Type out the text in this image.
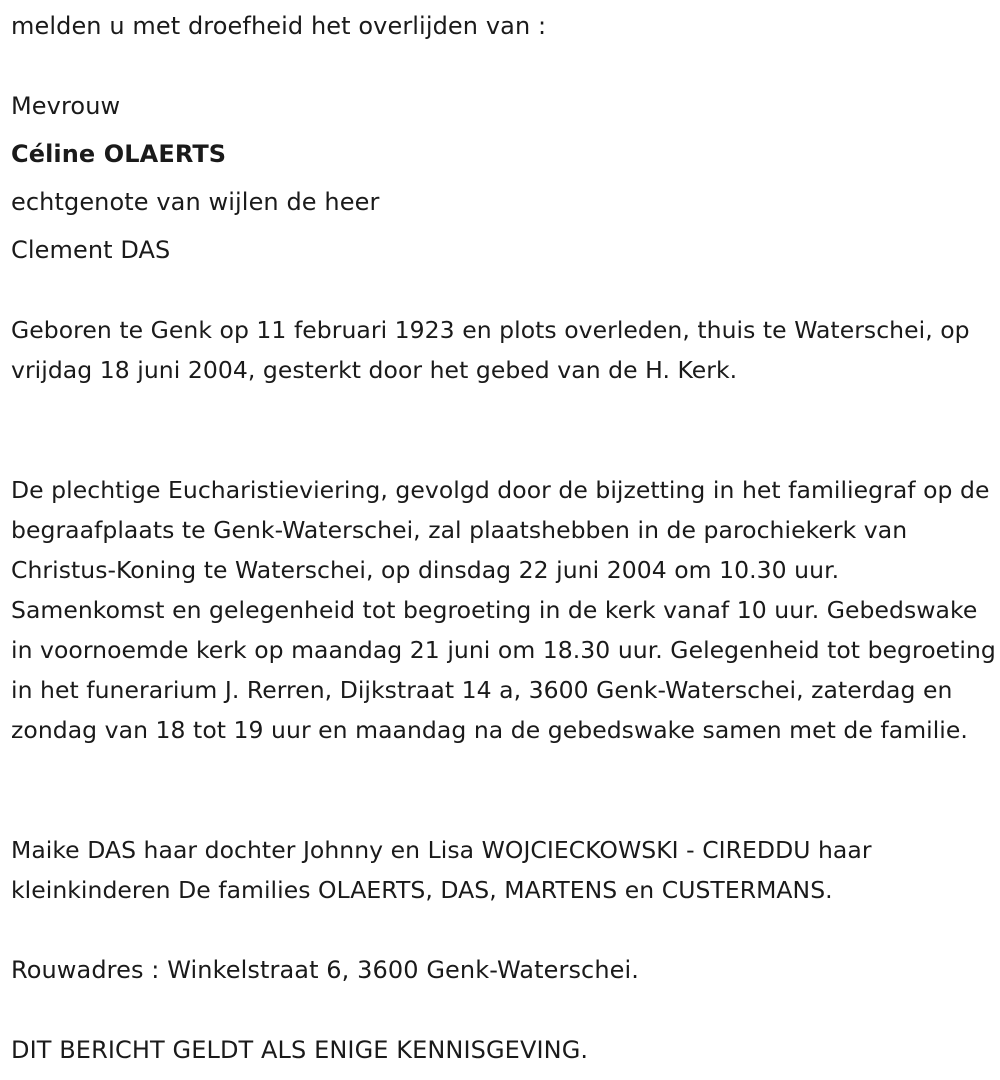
melden u met droefheid het overlijden van :

Mevrouw

Céline OLAERTS

echtgenote van wijlen de heer

Clement DAS

Geboren te Genk op 11 februari 1923 en plots overleden, thuis te Waterschei, op vrijdag 18 juni 2004, gesterkt door het gebed van de H. Kerk.

De plechtige Eucharistieviering, gevolgd door de bijzetting in het familiegraf op de begraafplaats te Genk-Waterschei, zal plaatshebben in de parochiekerk van Christus-Koning te Waterschei, op dinsdag 22 juni 2004 om 10.30 uur. Samenkomst en gelegenheid tot begroeting in de kerk vanaf 10 uur. Gebedswake in voornoemde kerk op maandag 21 juni om 18.30 uur. Gelegenheid tot begroeting in het funerarium J. Rerren, Dijkstraat 14 a, 3600 Genk-Waterschei, zaterdag en zondag van 18 tot 19 uur en maandag na de gebedswake samen met de familie.

Maike DAS haar dochter Johnny en Lisa WOJCIECKOWSKI - CIREDDU haar kleinkinderen De families OLAERTS, DAS, MARTENS en CUSTERMANS.

Rouwadres : Winkelstraat 6, 3600 Genk-Waterschei.

DIT BERICHT GELDT ALS ENIGE KENNISGEVING.
